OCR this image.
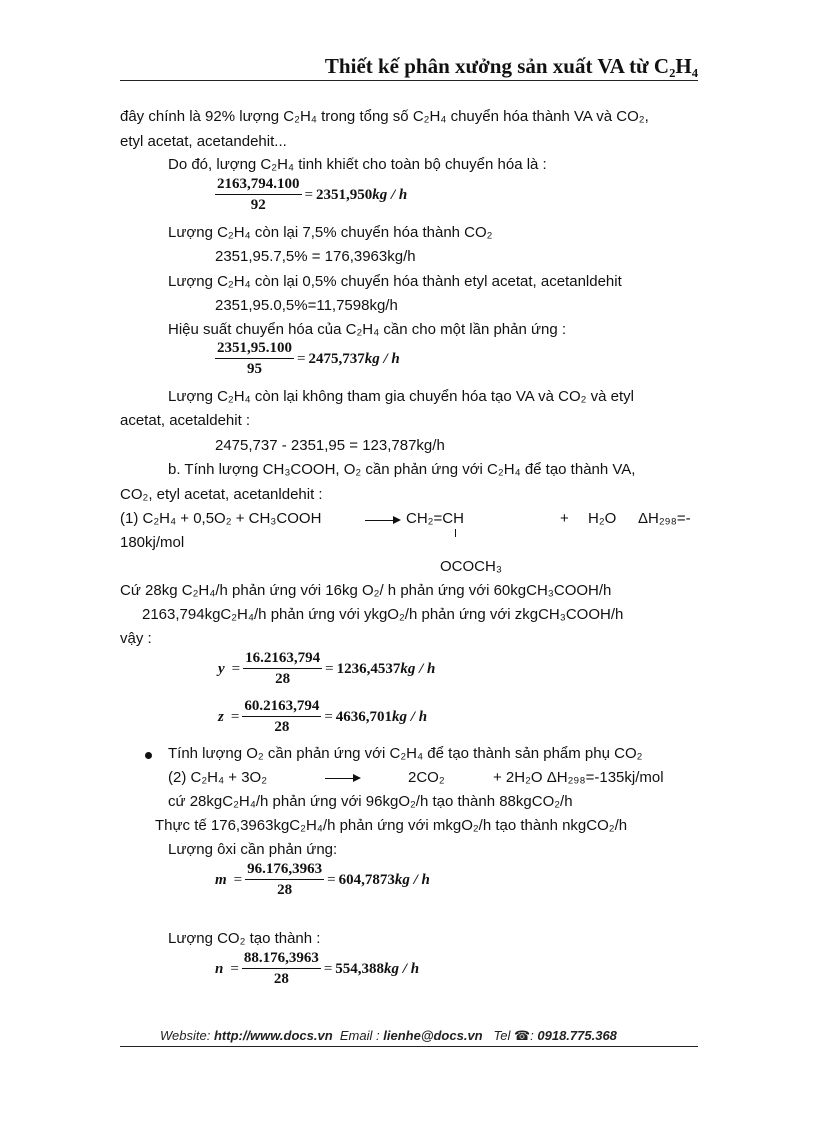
Thiết kế phân xưởng sản xuất VA từ C₂H₄
đây chính là 92% lượng C₂H₄ trong tổng số C₂H₄ chuyển hóa thành VA và CO₂,
etyl acetat, acetandehit...
Do đó, lượng C₂H₄ tinh khiết cho toàn bộ chuyển hóa là :
$\frac{2163,794.100}{92} = 2351,950$ kg / h
Lượng C₂H₄ còn lại 7,5% chuyển hóa thành CO₂
2351,95.7,5% = 176,3963kg/h
Lượng C₂H₄ còn lại 0,5% chuyển hóa thành etyl acetat, acetanldehit
2351,95.0,5%=11,7598kg/h
Hiệu suất chuyển hóa của C₂H₄ cần cho một lần phản ứng :
$\frac{2351,95.100}{95} = 2475,737$ kg / h
Lượng C₂H₄ còn lại không tham gia chuyển hóa tạo VA và CO₂ và etyl
acetat, acetaldehit :
2475,737 - 2351,95 = 123,787kg/h
b. Tính lượng CH₃COOH, O₂ cần phản ứng với C₂H₄ để tạo thành VA,
CO₂, etyl acetat, acetanldehit :
(1) C₂H₄ + 0,5O₂ + CH₃COOH	→ CH₂=CH	+ H₂O ΔH₂₉₈=-
180kj/mol
OCOCH₃
Cứ 28kg C₂H₄/h phản ứng với 16kg O₂/ h phản ứng với 60kgCH₃COOH/h
2163,794kgC₂H₄/h phản ứng với ykgO₂/h phản ứng với zkgCH₃COOH/h
vậy :
$y = \frac{16.2163,794}{28} = 1236,4537$ kg / h
$z = \frac{60.2163,794}{28} = 4636,701$ kg / h
Tính lượng O₂ cần phản ứng với C₂H₄ để tạo thành sản phẩm phụ CO₂
(2) C₂H₄ + 3O₂	2CO₂	+ 2H₂O ΔH₂₉₈=-135kj/mol
cứ 28kgC₂H₄/h phản ứng với 96kgO₂/h tạo thành 88kgCO₂/h
Thực tế 176,3963kgC₂H₄/h phản ứng với mkgO₂/h tạo thành nkgCO₂/h
Lượng ôxi cần phản ứng:
$m = \frac{96.176,3963}{28} = 604,7873$ kg / h
Lượng CO₂ tạo thành :
$n = \frac{88.176,3963}{28} = 554,388$ kg / h
Website: http://www.docs.vn Email : lienhe@docs.vn Tel ☎: 0918.775.368
